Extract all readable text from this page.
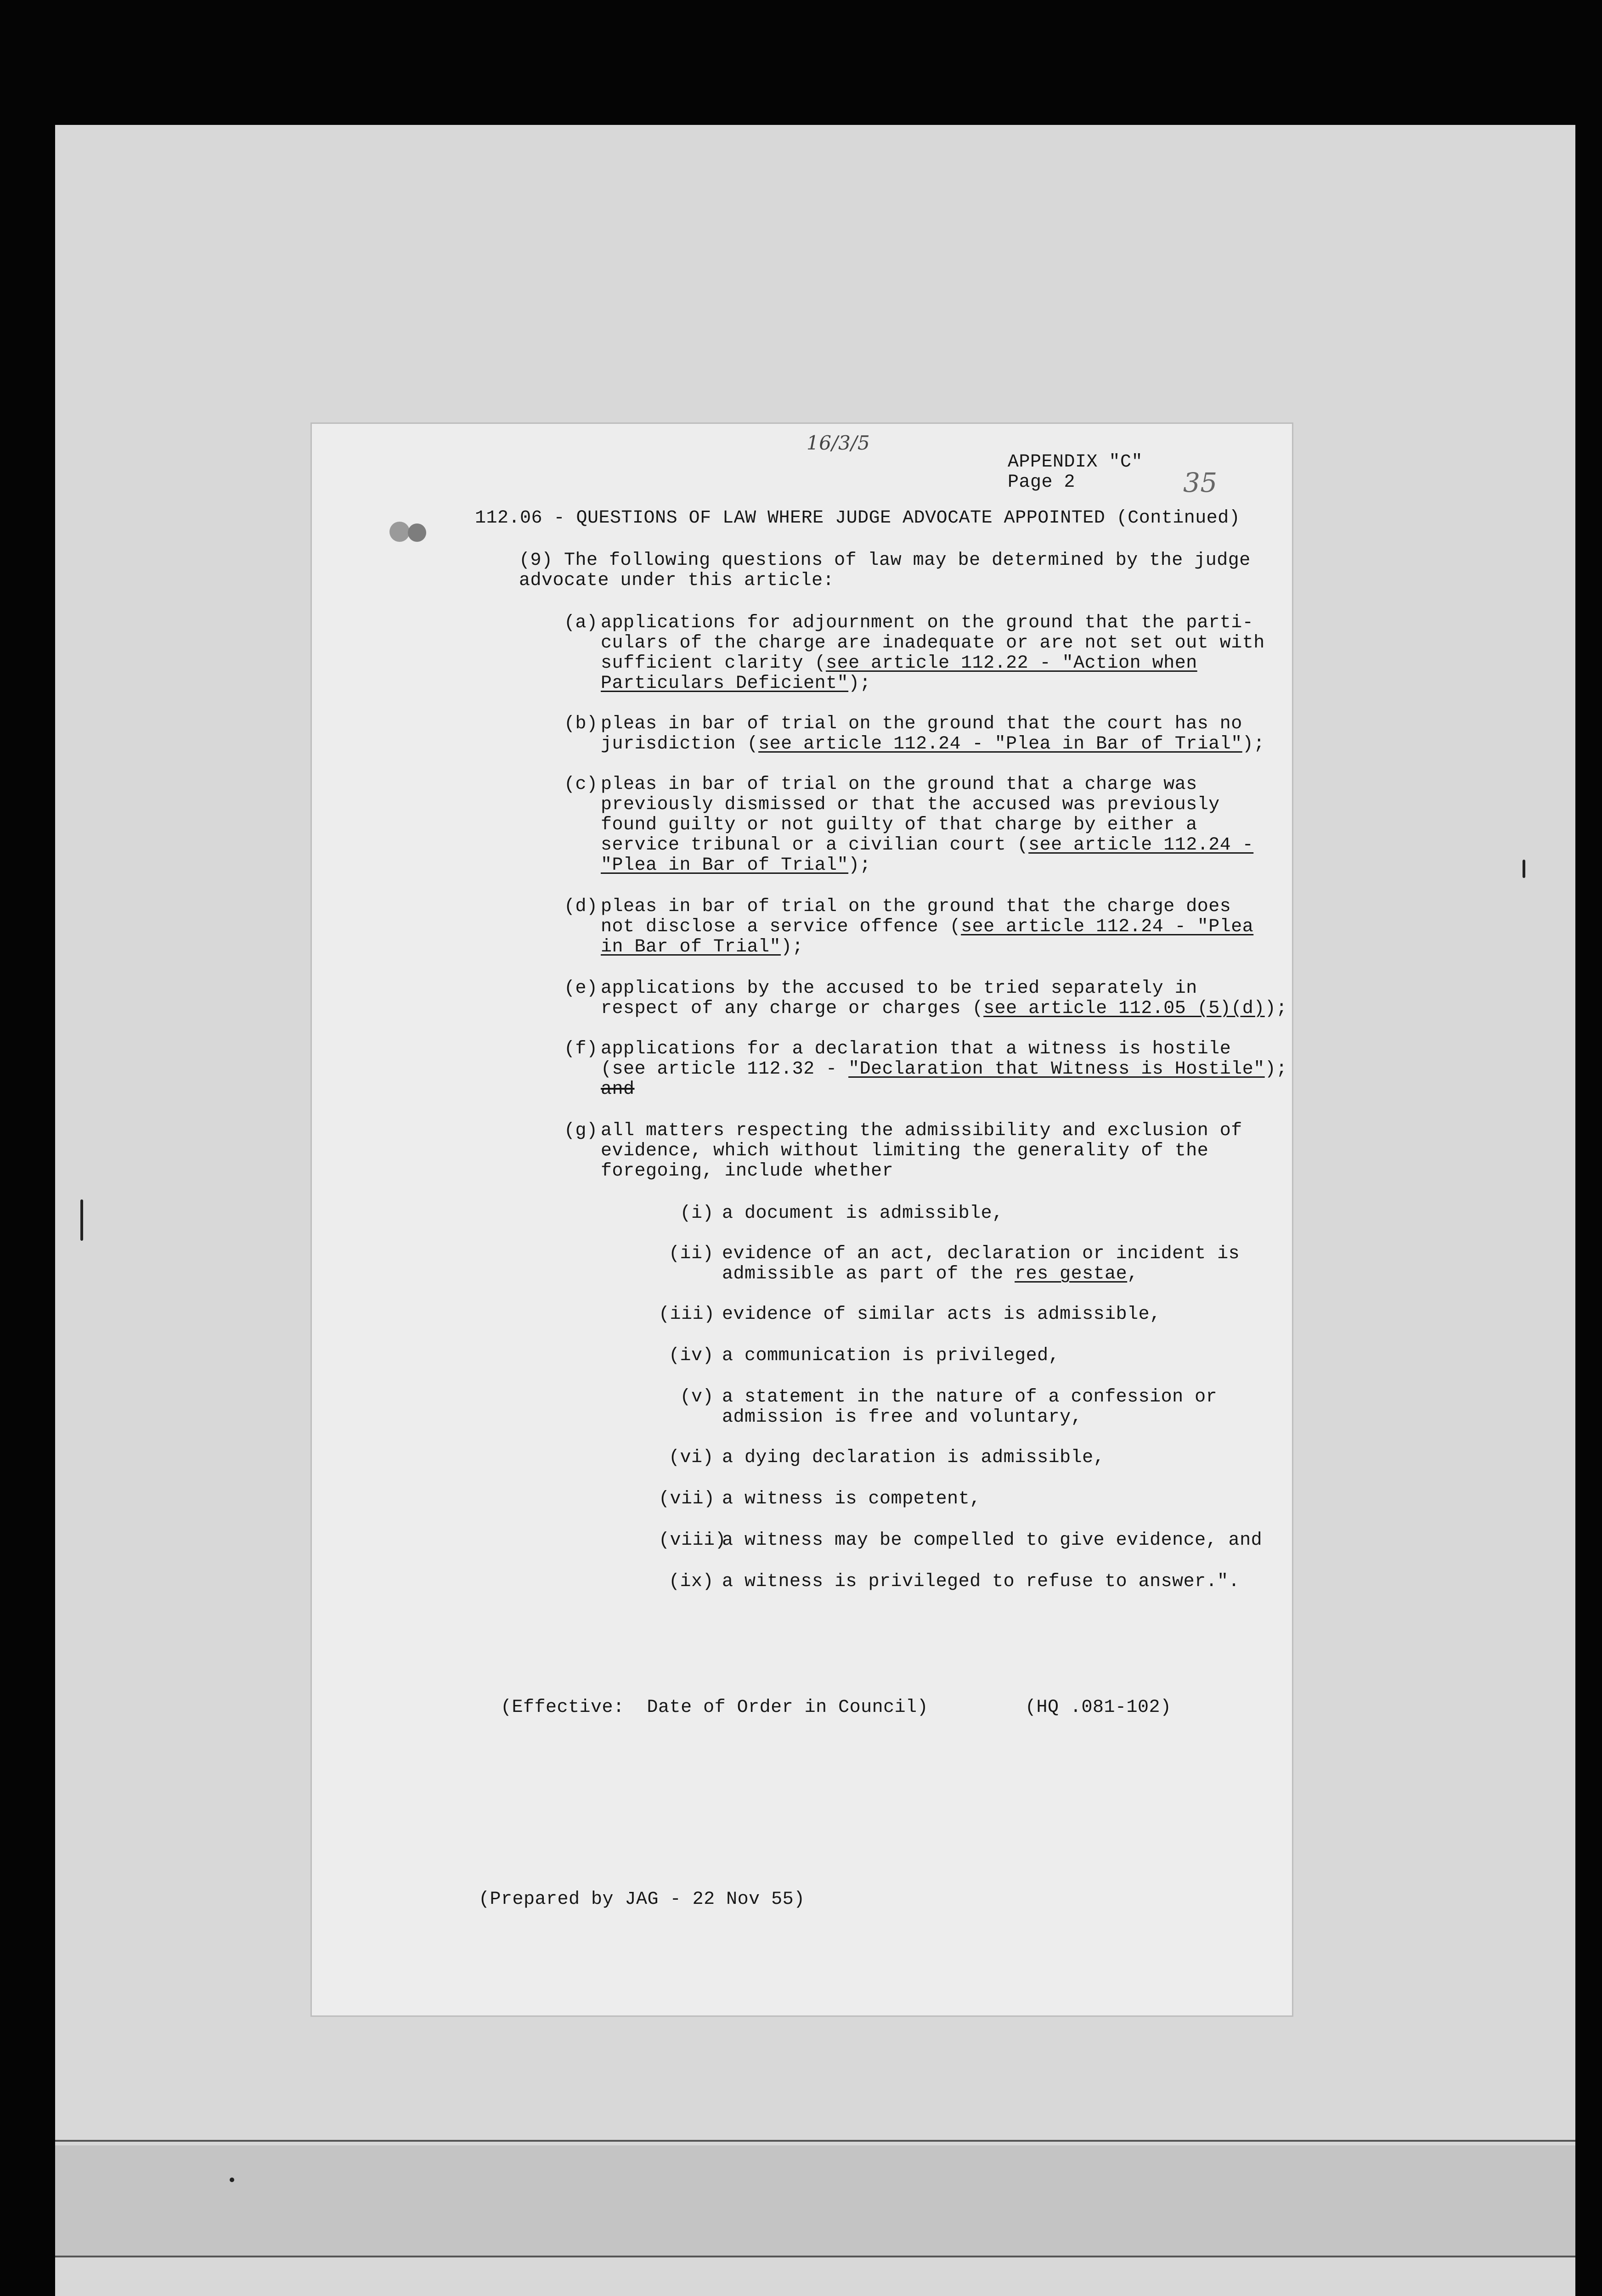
16/3/5
35
APPENDIX "C"
Page 2
112.06 - QUESTIONS OF LAW WHERE JUDGE ADVOCATE APPOINTED (Continued)
(9) The following questions of law may be determined by the judge
advocate under this article:
(a) applications for adjournment on the ground that the parti-
culars of the charge are inadequate or are not set out with
sufficient clarity (see article 112.22 - "Action when
Particulars Deficient");
(b) pleas in bar of trial on the ground that the court has no
jurisdiction (see article 112.24 - "Plea in Bar of Trial");
(c) pleas in bar of trial on the ground that a charge was
previously dismissed or that the accused was previously
found guilty or not guilty of that charge by either a
service tribunal or a civilian court (see article 112.24 -
"Plea in Bar of Trial");
(d) pleas in bar of trial on the ground that the charge does
not disclose a service offence (see article 112.24 - "Plea
in Bar of Trial");
(e) applications by the accused to be tried separately in
respect of any charge or charges (see article 112.05 (5)(d));
(f) applications for a declaration that a witness is hostile
(see article 112.32 - "Declaration that Witness is Hostile");
and
(g) all matters respecting the admissibility and exclusion of
evidence, which without limiting the generality of the
foregoing, include whether
(i) a document is admissible,
(ii) evidence of an act, declaration or incident is
admissible as part of the res gestae,
(iii) evidence of similar acts is admissible,
(iv) a communication is privileged,
(v) a statement in the nature of a confession or
admission is free and voluntary,
(vi) a dying declaration is admissible,
(vii) a witness is competent,
(viii)
a witness may be compelled to give evidence, and
(ix) a witness is privileged to refuse to answer.".
(Effective:  Date of Order in Council)	(HQ .081-102)
(Prepared by JAG - 22 Nov 55)
